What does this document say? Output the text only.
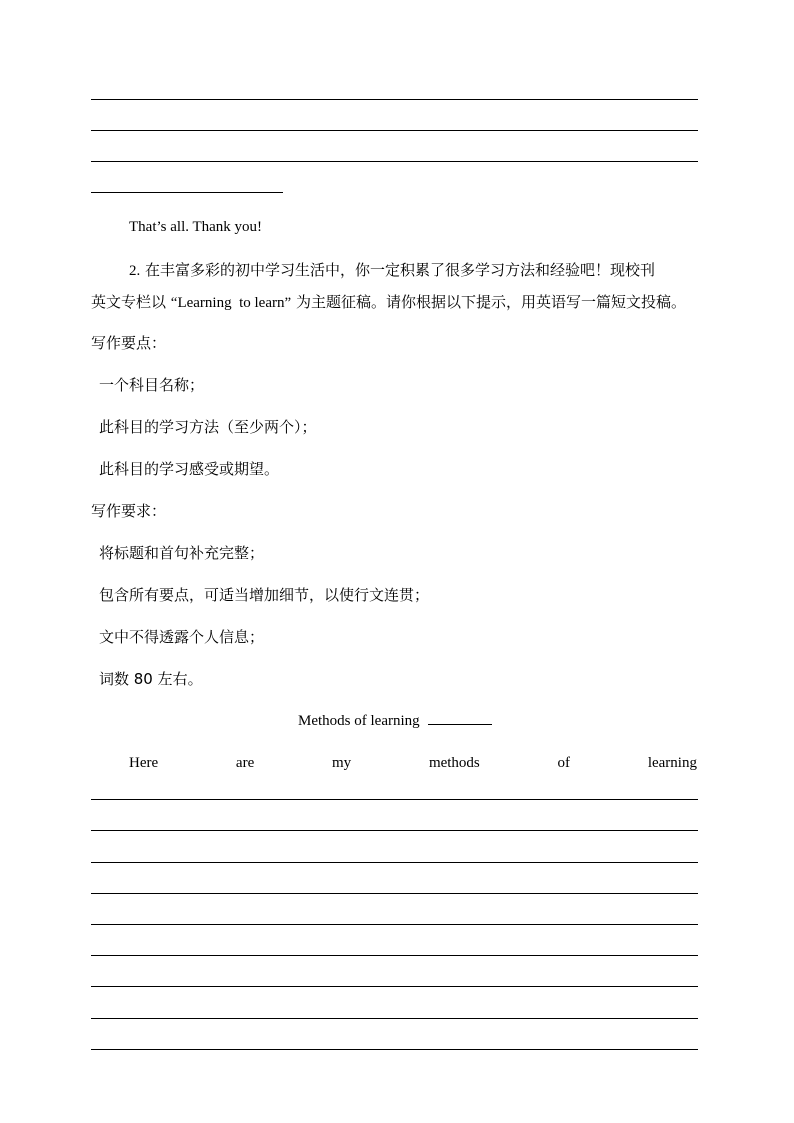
That’s all. Thank you!
2. 在丰富多彩的初中学习生活中，你一定积累了很多学习方法和经验吧！现校刊
英文专栏以 “Learning  to learn” 为主题征稿。请你根据以下提示，用英语写一篇短文投稿。
写作要点：
一个科目名称；
此科目的学习方法（至少两个）；
此科目的学习感受或期望。
写作要求：
将标题和首句补充完整；
包含所有要点，可适当增加细节，以使行文连贯；
文中不得透露个人信息；
词数 80 左右。
Methods of learning
Here	are	my	methods	of	learning
